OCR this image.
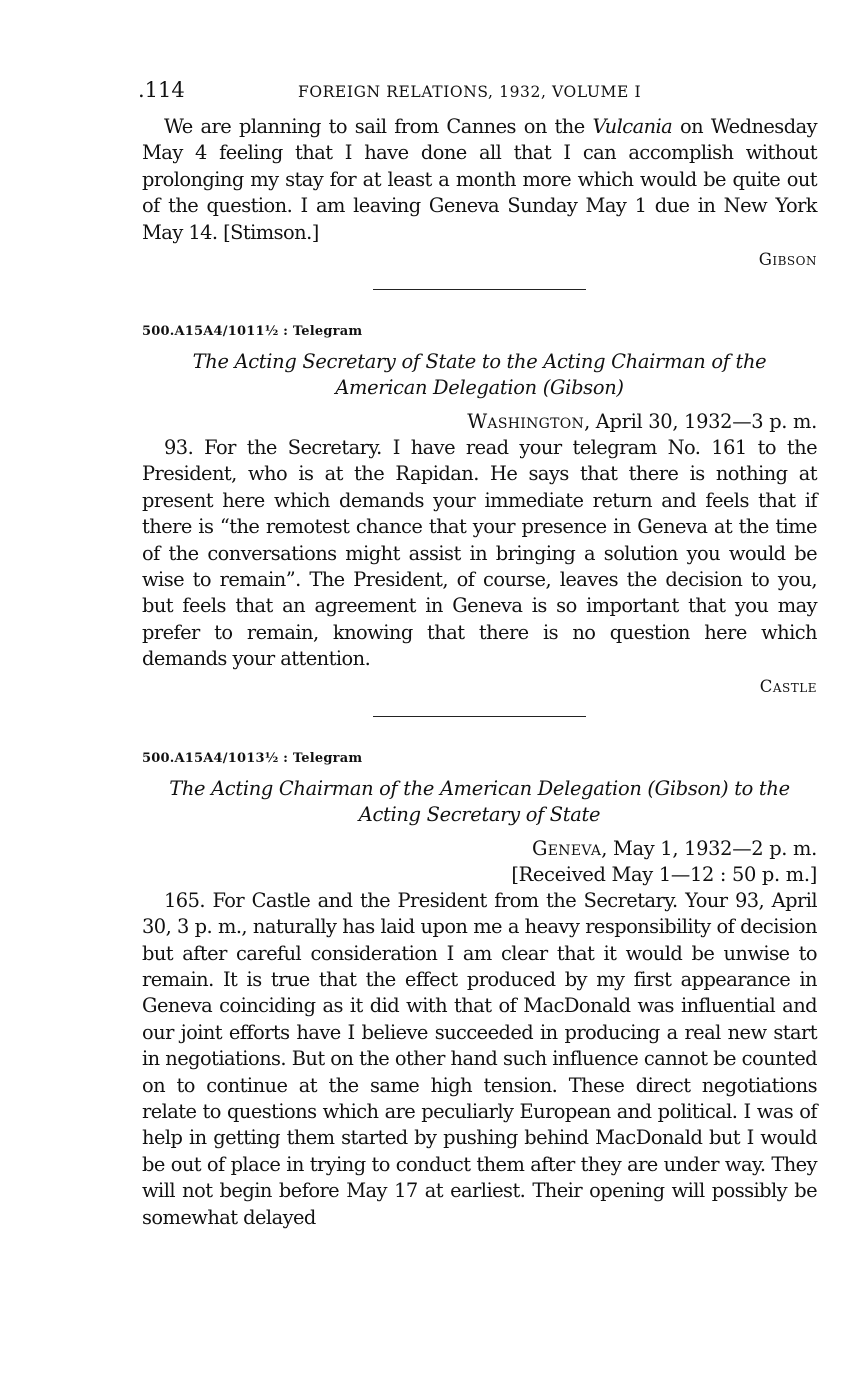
.114	FOREIGN RELATIONS, 1932, VOLUME I

We are planning to sail from Cannes on the Vulcania on Wednesday May 4 feeling that I have done all that I can accomplish without prolonging my stay for at least a month more which would be quite out of the question. I am leaving Geneva Sunday May 1 due in New York May 14. [Stimson.]

Gibson
500.A15A4/1011½ : Telegram
The Acting Secretary of State to the Acting Chairman of the American Delegation (Gibson)
Washington, April 30, 1932—3 p. m.

93. For the Secretary. I have read your telegram No. 161 to the President, who is at the Rapidan. He says that there is nothing at present here which demands your immediate return and feels that if there is “the remotest chance that your presence in Geneva at the time of the conversations might assist in bringing a solution you would be wise to remain”. The President, of course, leaves the decision to you, but feels that an agreement in Geneva is so important that you may prefer to remain, knowing that there is no question here which demands your attention.

Castle
500.A15A4/1013½ : Telegram
The Acting Chairman of the American Delegation (Gibson) to the Acting Secretary of State
Geneva, May 1, 1932—2 p. m.
[Received May 1—12 : 50 p. m.]

165. For Castle and the President from the Secretary. Your 93, April 30, 3 p. m., naturally has laid upon me a heavy responsibility of decision but after careful consideration I am clear that it would be unwise to remain. It is true that the effect produced by my first appearance in Geneva coinciding as it did with that of MacDonald was influential and our joint efforts have I believe succeeded in producing a real new start in negotiations. But on the other hand such influence cannot be counted on to continue at the same high tension. These direct negotiations relate to questions which are peculiarly European and political. I was of help in getting them started by pushing behind MacDonald but I would be out of place in trying to conduct them after they are under way. They will not begin before May 17 at earliest. Their opening will possibly be somewhat delayed
